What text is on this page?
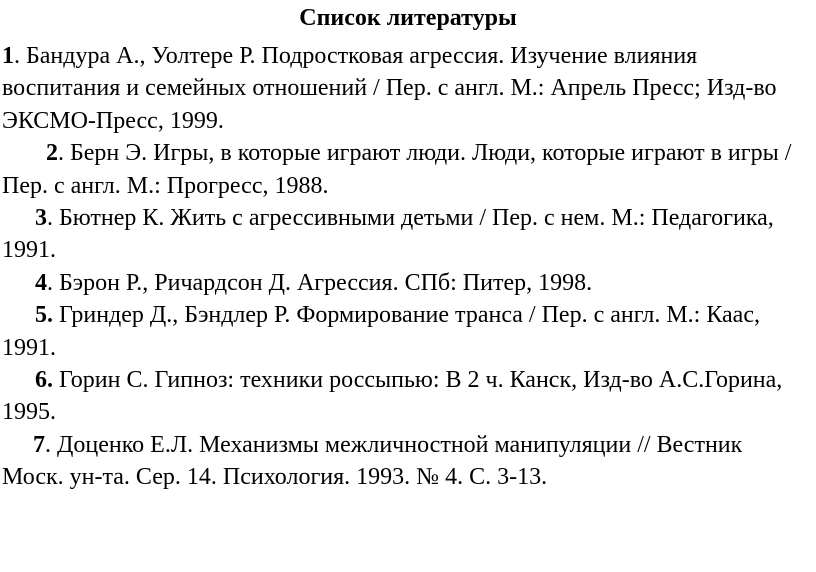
Список литературы

1. Бандура А., Уолтере Р. Подростковая агрессия. Изучение влияния воспитания и семейных отношений / Пер. с англ. М.: Апрель Пресс; Изд-во ЭКСМО-Пресс, 1999.

2. Берн Э. Игры, в которые играют люди. Люди, которые играют в игры / Пер. с англ. М.: Прогресс, 1988.

3. Бютнер К. Жить с агрессивными детьми / Пер. с нем. М.: Педагогика, 1991.

4. Бэрон Р., Ричардсон Д. Агрессия. СПб: Питер, 1998.

5. Гриндер Д., Бэндлер Р. Формирование транса / Пер. с англ. М.: Каас, 1991.

6. Горин С. Гипноз: техники россыпью: В 2 ч. Канск, Изд-во А.С.Горина, 1995.

7. Доценко Е.Л. Механизмы межличностной манипуляции // Вестник Моск. ун-та. Сер. 14. Психология. 1993. № 4. С. 3-13.
